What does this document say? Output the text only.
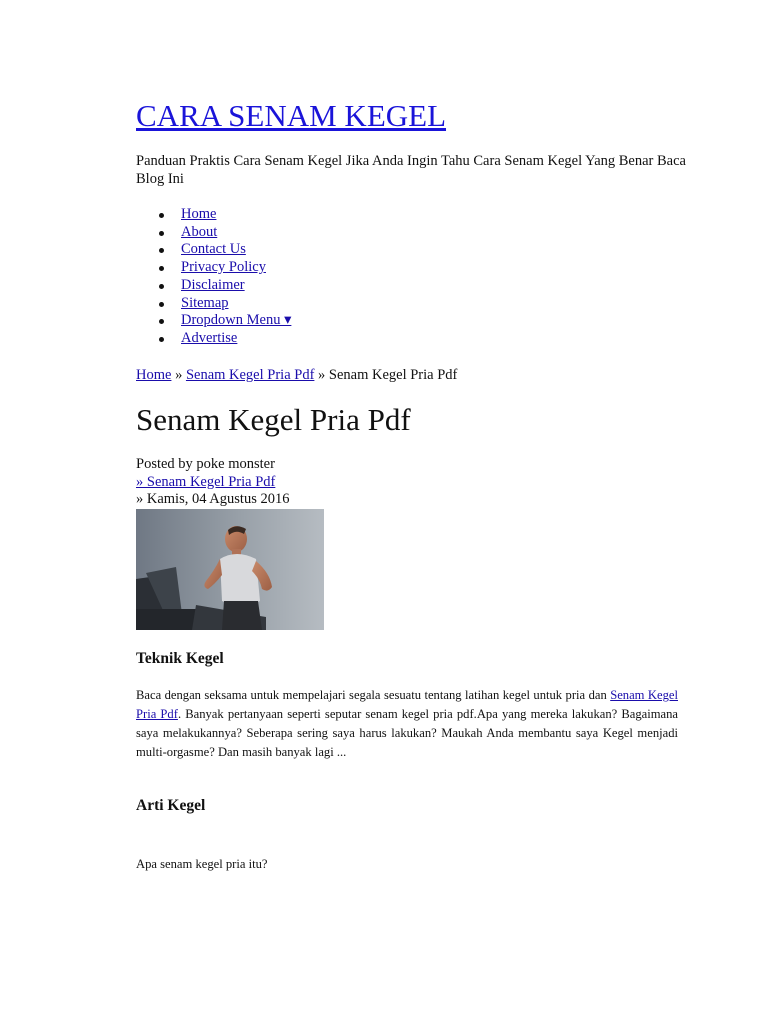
CARA SENAM KEGEL

Panduan Praktis Cara Senam Kegel Jika Anda Ingin Tahu Cara Senam Kegel Yang Benar Baca Blog Ini

Home
About
Contact Us
Privacy Policy
Disclaimer
Sitemap
Dropdown Menu ▾
Advertise
Home » Senam Kegel Pria Pdf » Senam Kegel Pria Pdf
Senam Kegel Pria Pdf
Posted by poke monster
» Senam Kegel Pria Pdf
» Kamis, 04 Agustus 2016
Teknik Kegel

Baca dengan seksama untuk mempelajari segala sesuatu tentang latihan kegel untuk pria dan Senam Kegel Pria Pdf. Banyak pertanyaan seperti seputar senam kegel pria pdf.Apa yang mereka lakukan? Bagaimana saya melakukannya? Seberapa sering saya harus lakukan? Maukah Anda membantu saya Kegel menjadi multi-orgasme? Dan masih banyak lagi ...

Arti Kegel
Apa senam kegel pria itu?
